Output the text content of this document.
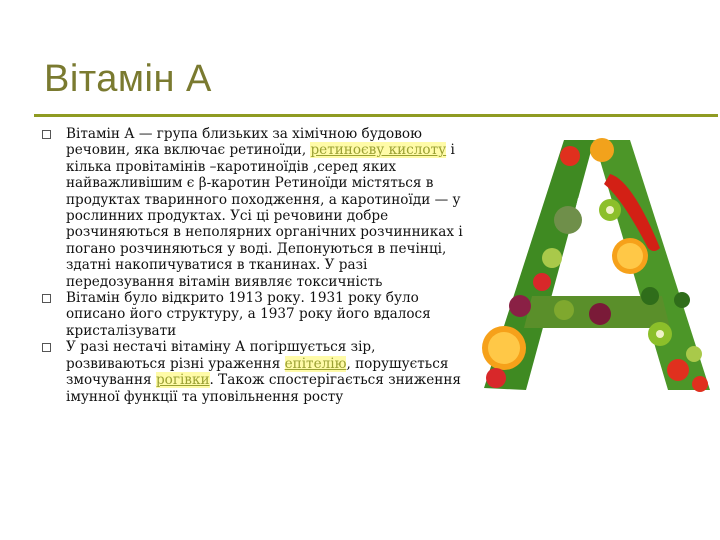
Вітамін А
Вітамін А — група близьких за хімічною будовою речовин, яка включає ретиноїди, ретиноєву кислоту і кілька провітамінів –каротиноїдів ,серед яких найважливішим є β-каротин Ретиноїди містяться в продуктах тваринного походження, а каротиноїди — у рослинних продуктах. Усі ці речовини добре розчиняються в неполярних органічних розчинниках і погано розчиняються у воді. Депонуються в печінці, здатні накопичуватися в тканинах. У разі передозування вітамін виявляє токсичність
Вітамін було відкрито 1913 року. 1931 року було описано його структуру, а 1937 року його вдалося кристалізувати
У разі нестачі вітаміну А погіршується зір, розвиваються різні ураження епітелію, порушується змочування рогівки. Також спостерігається зниження імунної функції та уповільнення росту
